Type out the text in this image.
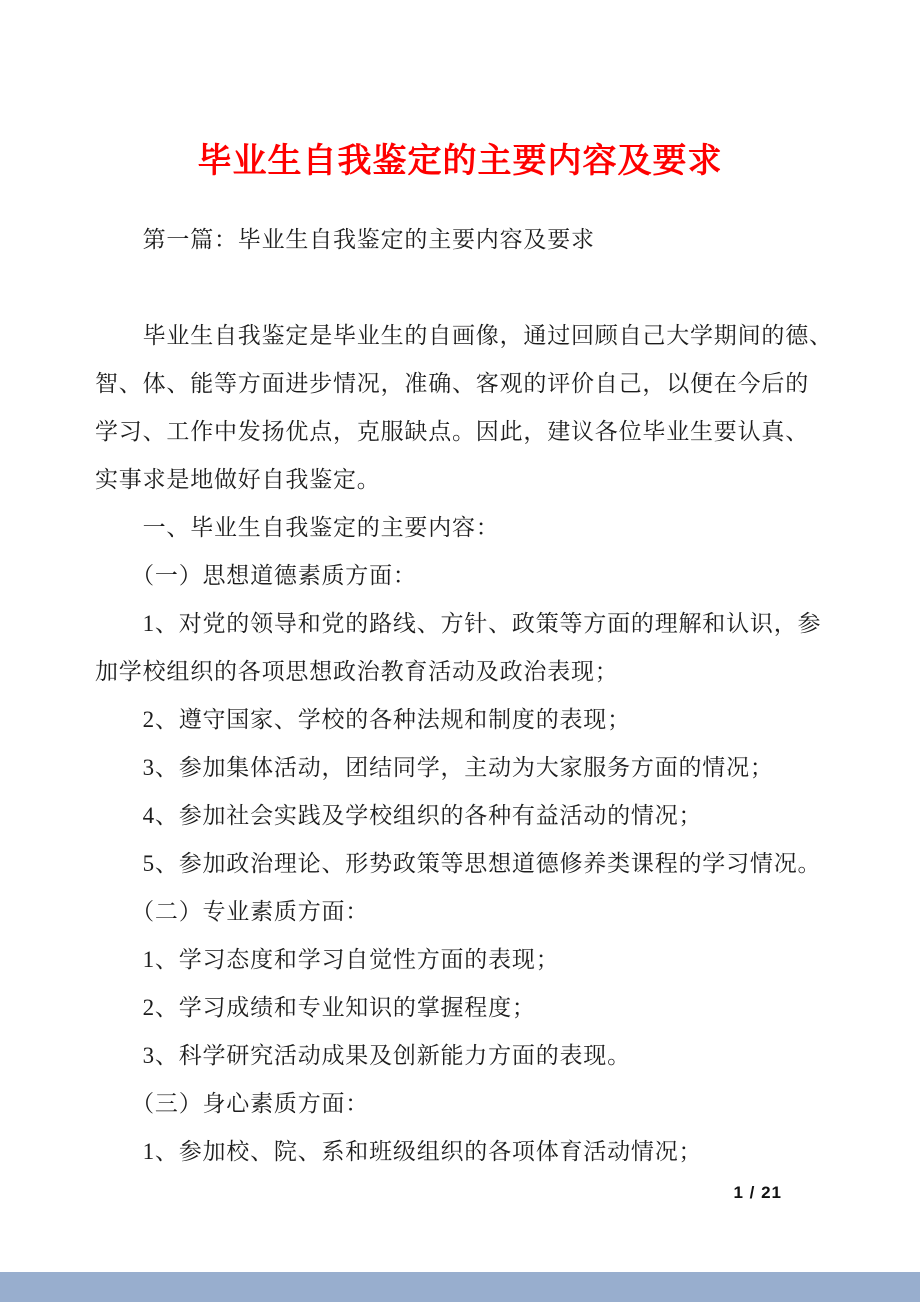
毕业生自我鉴定的主要内容及要求
　　第一篇：毕业生自我鉴定的主要内容及要求
　　毕业生自我鉴定是毕业生的自画像，通过回顾自己大学期间的德、
智、体、能等方面进步情况，准确、客观的评价自己，以便在今后的
学习、工作中发扬优点，克服缺点。因此，建议各位毕业生要认真、
实事求是地做好自我鉴定。
　　一、毕业生自我鉴定的主要内容：
　　（一）思想道德素质方面：
　　1、对党的领导和党的路线、方针、政策等方面的理解和认识，参
加学校组织的各项思想政治教育活动及政治表现；
　　2、遵守国家、学校的各种法规和制度的表现；
　　3、参加集体活动，团结同学，主动为大家服务方面的情况；
　　4、参加社会实践及学校组织的各种有益活动的情况；
　　5、参加政治理论、形势政策等思想道德修养类课程的学习情况。
　　（二）专业素质方面：
　　1、学习态度和学习自觉性方面的表现；
　　2、学习成绩和专业知识的掌握程度；
　　3、科学研究活动成果及创新能力方面的表现。
　　（三）身心素质方面：
　　1、参加校、院、系和班级组织的各项体育活动情况；
1 / 21
